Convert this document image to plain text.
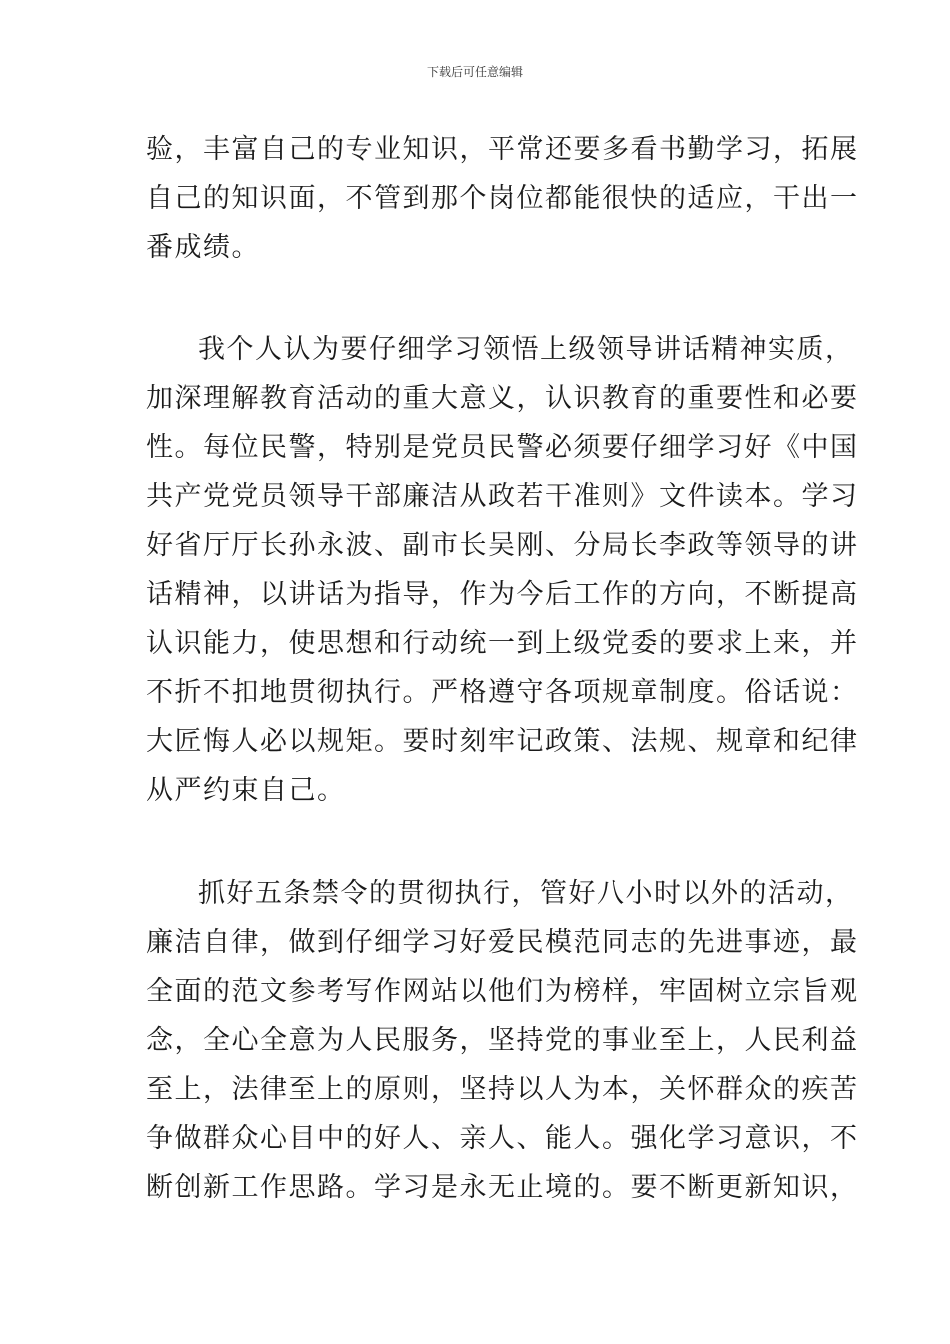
下载后可任意编辑
验，丰富自己的专业知识，平常还要多看书勤学习，拓展
自己的知识面，不管到那个岗位都能很快的适应，干出一
番成绩。
我个人认为要仔细学习领悟上级领导讲话精神实质，
加深理解教育活动的重大意义，认识教育的重要性和必要
性。每位民警，特别是党员民警必须要仔细学习好《中国
共产党党员领导干部廉洁从政若干准则》文件读本。学习
好省厅厅长孙永波、副市长吴刚、分局长李政等领导的讲
话精神，以讲话为指导，作为今后工作的方向，不断提高
认识能力，使思想和行动统一到上级党委的要求上来，并
不折不扣地贯彻执行。严格遵守各项规章制度。俗话说：
大匠悔人必以规矩。要时刻牢记政策、法规、规章和纪律
从严约束自己。
抓好五条禁令的贯彻执行，管好八小时以外的活动，
廉洁自律，做到仔细学习好爱民模范同志的先进事迹，最
全面的范文参考写作网站以他们为榜样，牢固树立宗旨观
念，全心全意为人民服务，坚持党的事业至上，人民利益
至上，法律至上的原则，坚持以人为本，关怀群众的疾苦
争做群众心目中的好人、亲人、能人。强化学习意识，不
断创新工作思路。学习是永无止境的。要不断更新知识，
